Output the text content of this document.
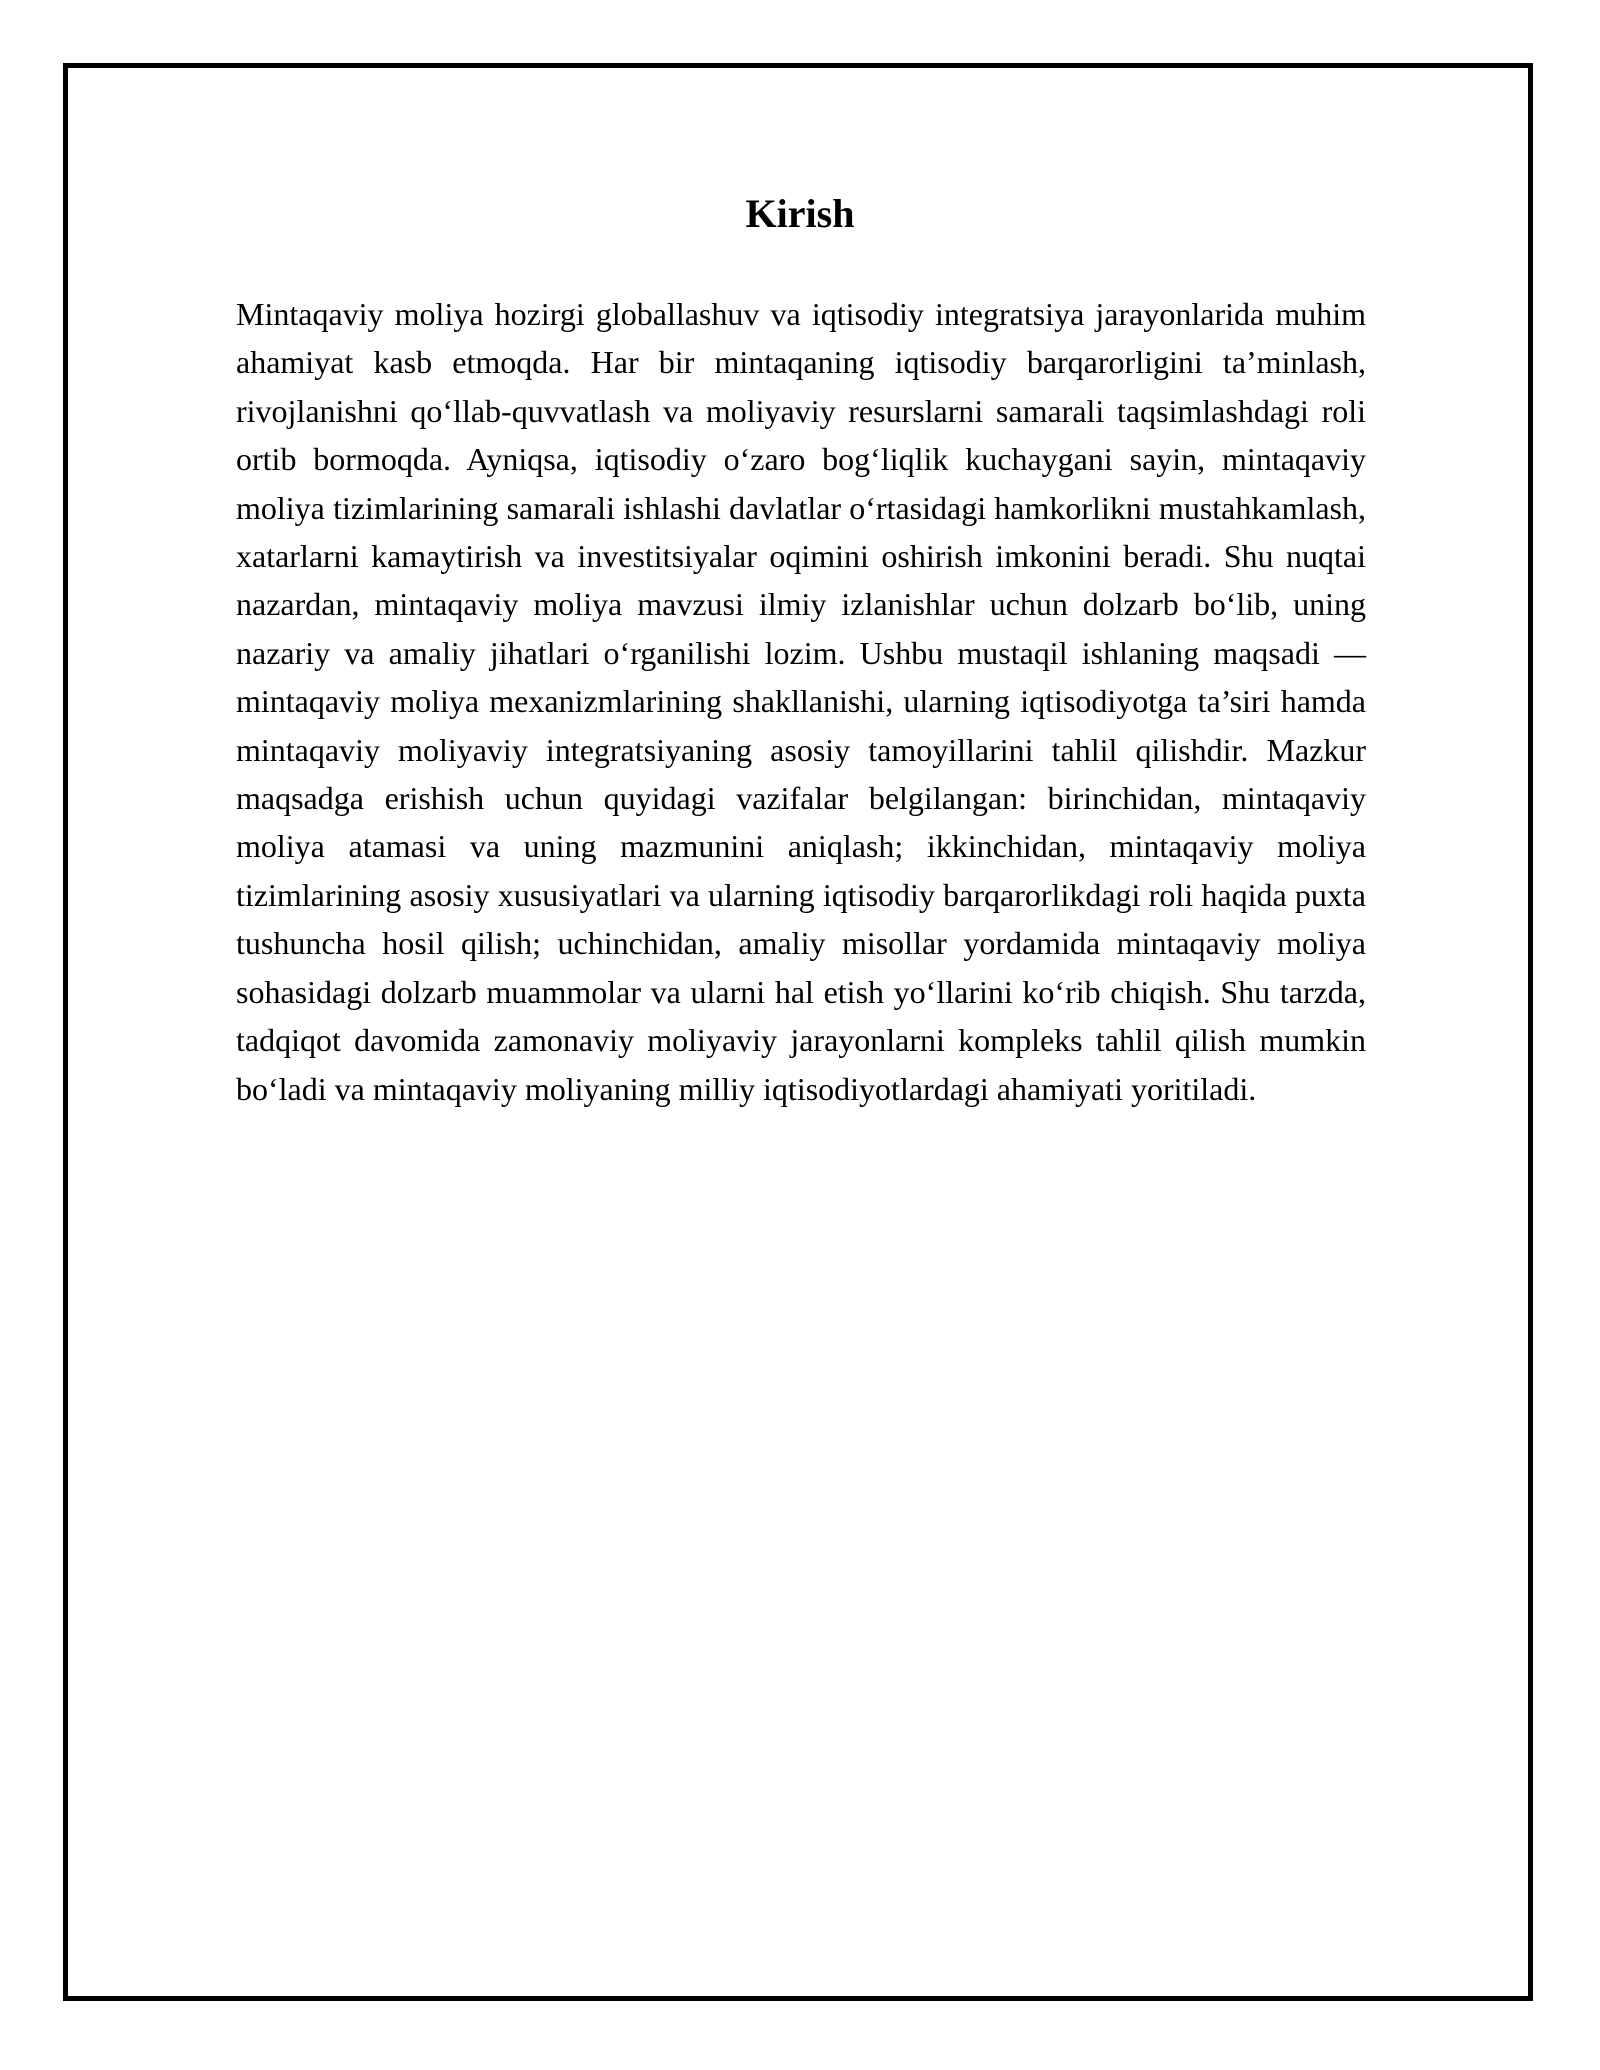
Kirish

Mintaqaviy moliya hozirgi globallashuv va iqtisodiy integratsiya jarayonlarida muhim ahamiyat kasb etmoqda. Har bir mintaqaning iqtisodiy barqarorligini ta’minlash, rivojlanishni qo‘llab-quvvatlash va moliyaviy resurslarni samarali taqsimlashdagi roli ortib bormoqda. Ayniqsa, iqtisodiy o‘zaro bog‘liqlik kuchaygani sayin, mintaqaviy moliya tizimlarining samarali ishlashi davlatlar o‘rtasidagi hamkorlikni mustahkamlash, xatarlarni kamaytirish va investitsiyalar oqimini oshirish imkonini beradi. Shu nuqtai nazardan, mintaqaviy moliya mavzusi ilmiy izlanishlar uchun dolzarb bo‘lib, uning nazariy va amaliy jihatlari o‘rganilishi lozim. Ushbu mustaqil ishlaning maqsadi — mintaqaviy moliya mexanizmlarining shakllanishi, ularning iqtisodiyotga ta’siri hamda mintaqaviy moliyaviy integratsiyaning asosiy tamoyillarini tahlil qilishdir. Mazkur maqsadga erishish uchun quyidagi vazifalar belgilangan: birinchidan, mintaqaviy moliya atamasi va uning mazmunini aniqlash; ikkinchidan, mintaqaviy moliya tizimlarining asosiy xususiyatlari va ularning iqtisodiy barqarorlikdagi roli haqida puxta tushuncha hosil qilish; uchinchidan, amaliy misollar yordamida mintaqaviy moliya sohasidagi dolzarb muammolar va ularni hal etish yo‘llarini ko‘rib chiqish. Shu tarzda, tadqiqot davomida zamonaviy moliyaviy jarayonlarni kompleks tahlil qilish mumkin bo‘ladi va mintaqaviy moliyaning milliy iqtisodiyotlardagi ahamiyati yoritiladi.
